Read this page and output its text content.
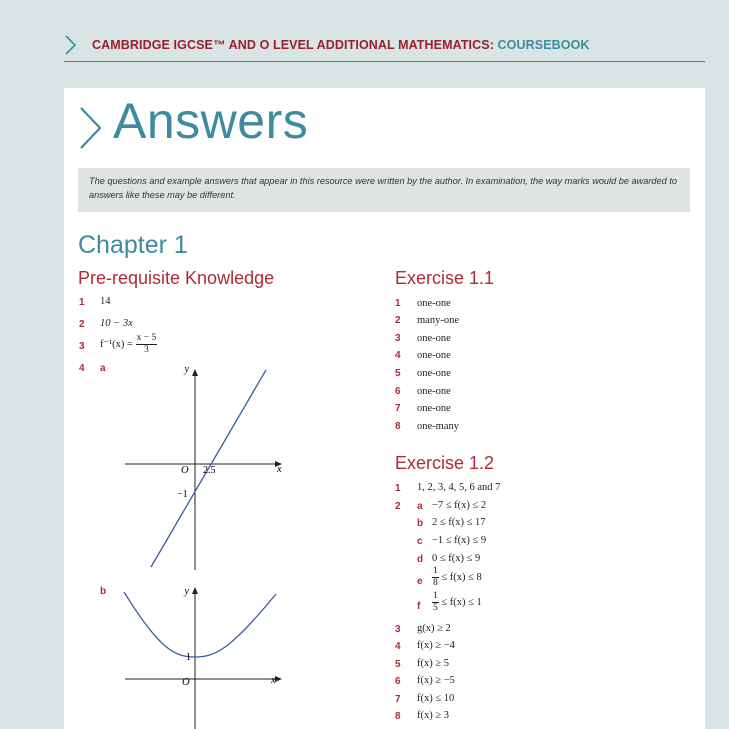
CAMBRIDGE IGCSE™ AND O LEVEL ADDITIONAL MATHEMATICS: COURSEBOOK
Answers
The questions and example answers that appear in this resource were written by the author. In examination, the way marks would be awarded to answers like these may be different.
Chapter 1
Pre-requisite Knowledge
1 14
2 10 − 3x
3 $f^{-1}(x) = \frac{x - 5}{3}$
4 a	y
x
O 2.5
−1
b	y
x
O
1
Exercise 1.1
1 one-one
2 many-one
3 one-one
4 one-one
5 one-one
6 one-one
7 one-one
8 one-many
Exercise 1.2
1 1, 2, 3, 4, 5, 6 and 7
2 a −7 ≤ f(x) ≤ 2
b 2 ≤ f(x) ≤ 17
c −1 ≤ f(x) ≤ 9
d 0 ≤ f(x) ≤ 9
e $\frac{1}{8} \le f(x) \le 8$
f $\frac{1}{5} \le f(x) \le 1$
3 g(x) ≥ 2
4 f(x) ≥ −4
5 f(x) ≥ 5
6 f(x) ≥ −5
7 f(x) ≤ 10
8 f(x) ≥ 3
